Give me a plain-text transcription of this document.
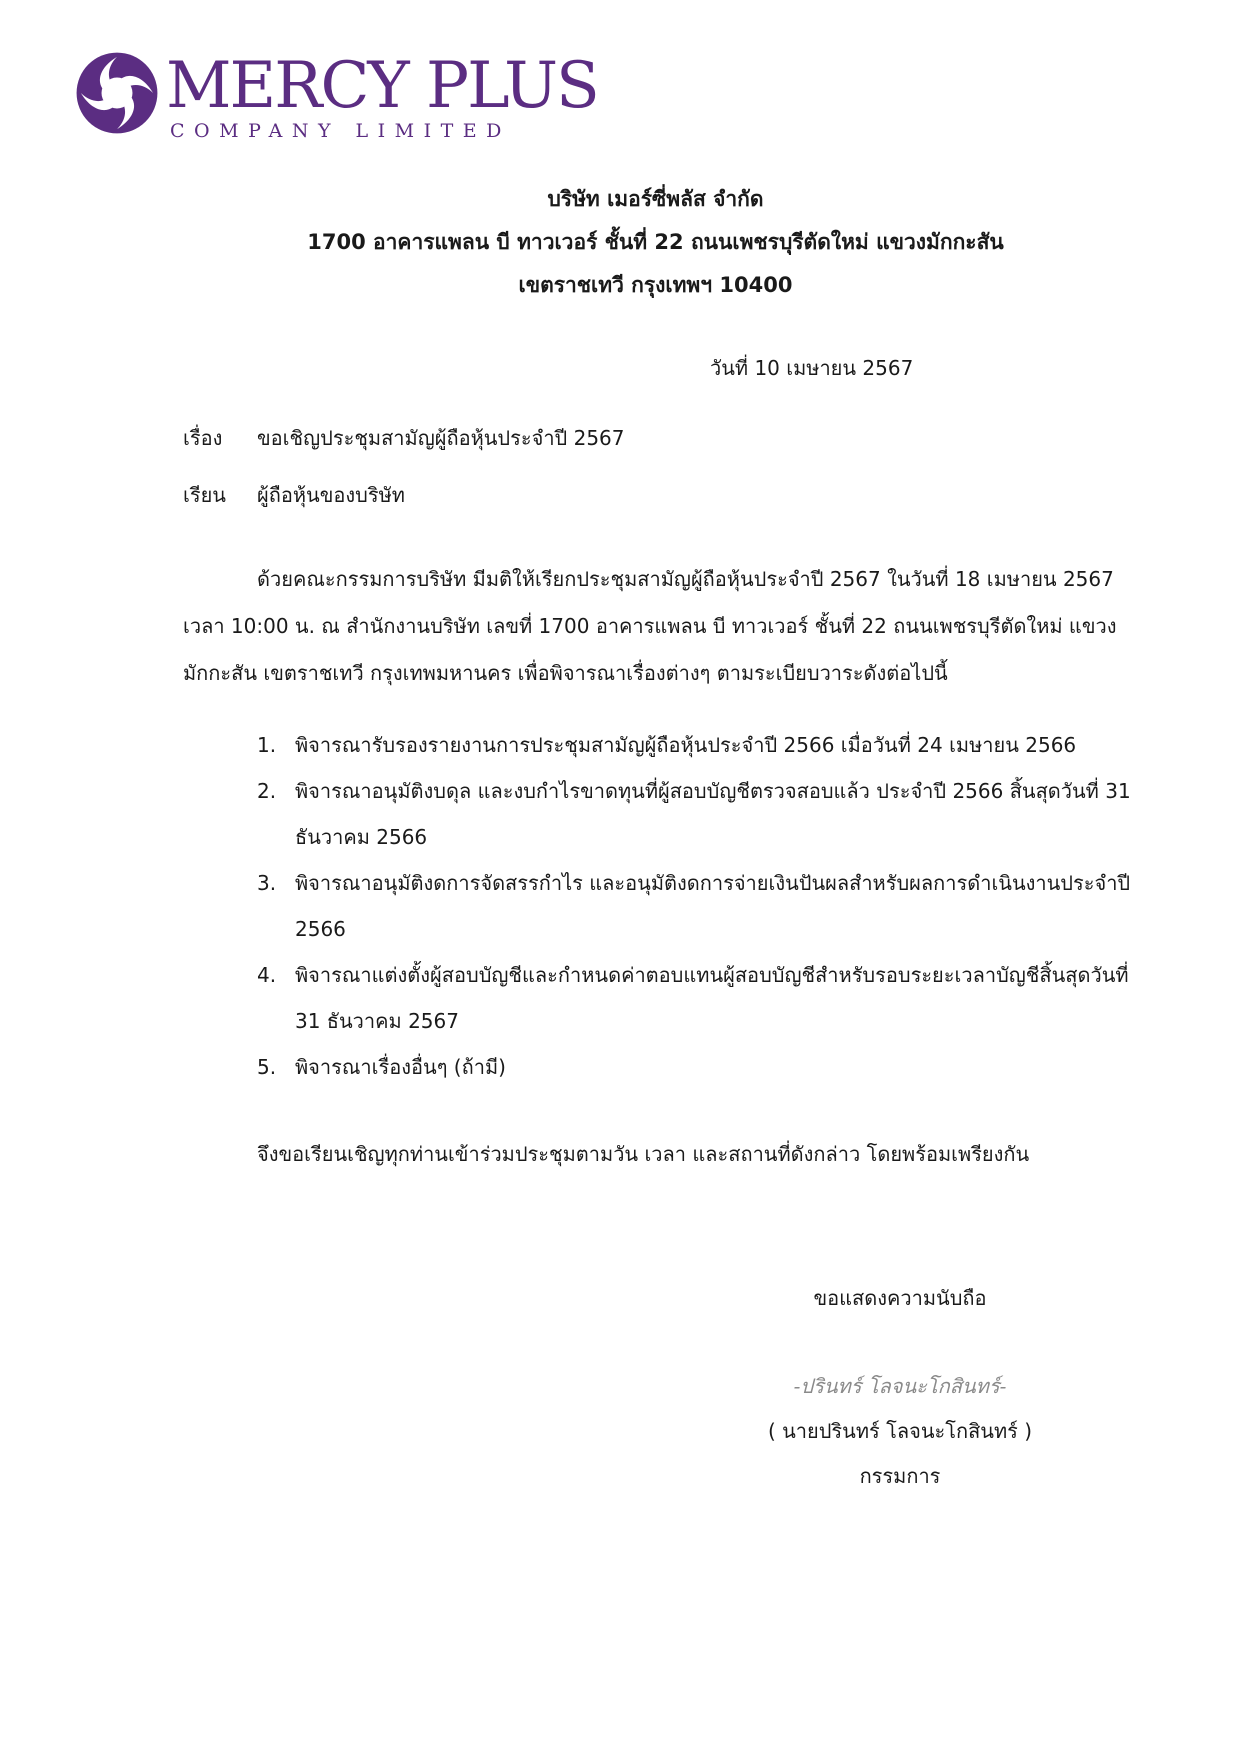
MERCY PLUS
COMPANY LIMITED
บริษัท เมอร์ซี่พลัส จำกัด
1700 อาคารแพลน บี ทาวเวอร์ ชั้นที่ 22 ถนนเพชรบุรีตัดใหม่ แขวงมักกะสัน
เขตราชเทวี กรุงเทพฯ 10400
วันที่ 10 เมษายน 2567
เรื่อง ขอเชิญประชุมสามัญผู้ถือหุ้นประจำปี 2567
เรียน ผู้ถือหุ้นของบริษัท
ด้วยคณะกรรมการบริษัท มีมติให้เรียกประชุมสามัญผู้ถือหุ้นประจำปี 2567 ในวันที่ 18 เมษายน 2567 เวลา 10:00 น. ณ สำนักงานบริษัท เลขที่ 1700 อาคารแพลน บี ทาวเวอร์ ชั้นที่ 22 ถนนเพชรบุรีตัดใหม่ แขวงมักกะสัน เขตราชเทวี กรุงเทพมหานคร เพื่อพิจารณาเรื่องต่างๆ ตามระเบียบวาระดังต่อไปนี้
1. พิจารณารับรองรายงานการประชุมสามัญผู้ถือหุ้นประจำปี 2566 เมื่อวันที่ 24 เมษายน 2566
2. พิจารณาอนุมัติงบดุล และงบกำไรขาดทุนที่ผู้สอบบัญชีตรวจสอบแล้ว ประจำปี 2566 สิ้นสุดวันที่ 31 ธันวาคม 2566
3. พิจารณาอนุมัติงดการจัดสรรกำไร และอนุมัติงดการจ่ายเงินปันผลสำหรับผลการดำเนินงานประจำปี 2566
4. พิจารณาแต่งตั้งผู้สอบบัญชีและกำหนดค่าตอบแทนผู้สอบบัญชีสำหรับรอบระยะเวลาบัญชีสิ้นสุดวันที่ 31 ธันวาคม 2567
5. พิจารณาเรื่องอื่นๆ (ถ้ามี)
จึงขอเรียนเชิญทุกท่านเข้าร่วมประชุมตามวัน เวลา และสถานที่ดังกล่าว โดยพร้อมเพรียงกัน
ขอแสดงความนับถือ
-ปรินทร์ โลจนะโกสินทร์-
( นายปรินทร์ โลจนะโกสินทร์ )
กรรมการ
